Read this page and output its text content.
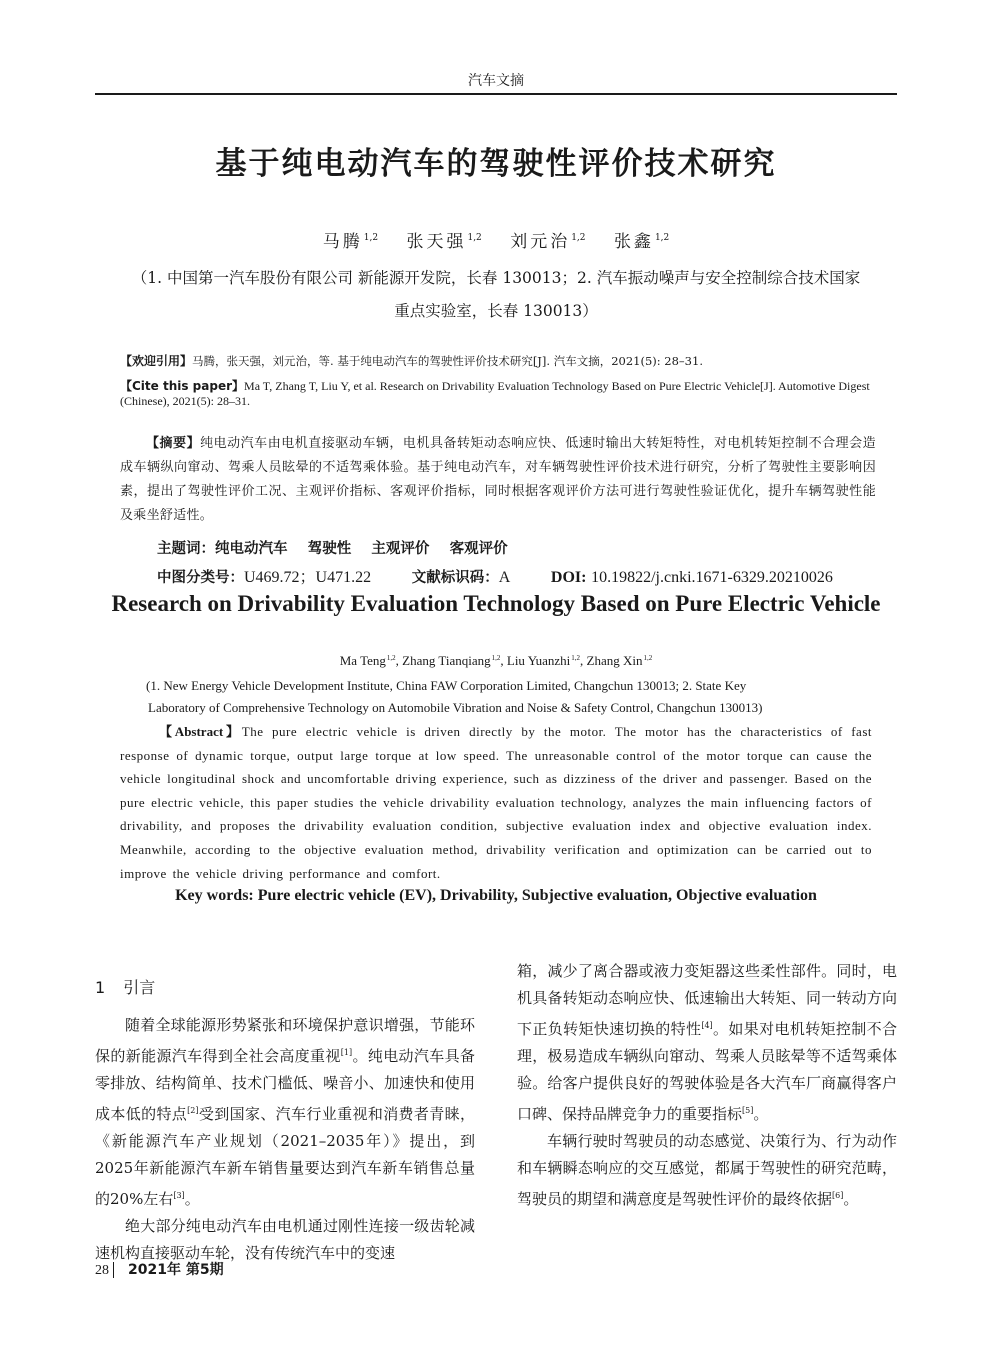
汽车文摘
基于纯电动汽车的驾驶性评价技术研究
马腾$^{1,2}$ 张天强$^{1,2}$ 刘元治$^{1,2}$ 张鑫$^{1,2}$

（1. 中国第一汽车股份有限公司 新能源开发院，长春 130013；2. 汽车振动噪声与安全控制综合技术国家

重点实验室，长春 130013）

【欢迎引用】马腾，张天强，刘元治，等. 基于纯电动汽车的驾驶性评价技术研究[J]. 汽车文摘，2021(5): 28–31.
【Cite this paper】Ma T, Zhang T, Liu Y, et al. Research on Drivability Evaluation Technology Based on Pure Electric Vehicle[J]. Automotive Digest (Chinese), 2021(5): 28–31.
【摘要】纯电动汽车由电机直接驱动车辆，电机具备转矩动态响应快、低速时输出大转矩特性，对电机转矩控制不合理会造成车辆纵向窜动、驾乘人员眩晕的不适驾乘体验。基于纯电动汽车，对车辆驾驶性评价技术进行研究，分析了驾驶性主要影响因素，提出了驾驶性评价工况、主观评价指标、客观评价指标，同时根据客观评价方法可进行驾驶性验证优化，提升车辆驾驶性能及乘坐舒适性。
主题词：纯电动汽车    驾驶性    主观评价    客观评价
中图分类号：U469.72；U471.22	文献标识码：A	DOI: 10.19822/j.cnki.1671-6329.20210026
Research on Drivability Evaluation Technology Based on Pure Electric Vehicle
Ma Teng$^{1,2}$, Zhang Tianqiang$^{1,2}$, Liu Yuanzhi$^{1,2}$, Zhang Xin$^{1,2}$

(1. New Energy Vehicle Development Institute, China FAW Corporation Limited, Changchun 130013; 2. State Key

Laboratory of Comprehensive Technology on Automobile Vibration and Noise & Safety Control, Changchun 130013)

【Abstract】The pure electric vehicle is driven directly by the motor. The motor has the characteristics of fast response of dynamic torque, output large torque at low speed. The unreasonable control of the motor torque can cause the vehicle longitudinal shock and uncomfortable driving experience, such as dizziness of the driver and passenger. Based on the pure electric vehicle, this paper studies the vehicle drivability evaluation technology, analyzes the main influencing factors of drivability, and proposes the drivability evaluation condition, subjective evaluation index and objective evaluation index. Meanwhile, according to the objective evaluation method, drivability verification and optimization can be carried out to improve the vehicle driving performance and comfort.
Key words: Pure electric vehicle (EV), Drivability, Subjective evaluation, Objective evaluation
1 引言

随着全球能源形势紧张和环境保护意识增强，节能环保的新能源汽车得到全社会高度重视[1]。纯电动汽车具备零排放、结构简单、技术门槛低、噪音小、加速快和使用成本低的特点[2]受到国家、汽车行业重视和消费者青睐，《新能源汽车产业规划（2021–2035年）》提出，到2025年新能源汽车新车销售量要达到汽车新车销售总量的20%左右[3]。

绝大部分纯电动汽车由电机通过刚性连接一级齿轮减速机构直接驱动车轮，没有传统汽车中的变速

箱，减少了离合器或液力变矩器这些柔性部件。同时，电机具备转矩动态响应快、低速输出大转矩、同一转动方向下正负转矩快速切换的特性[4]。如果对电机转矩控制不合理，极易造成车辆纵向窜动、驾乘人员眩晕等不适驾乘体验。给客户提供良好的驾驶体验是各大汽车厂商赢得客户口碑、保持品牌竞争力的重要指标[5]。

车辆行驶时驾驶员的动态感觉、决策行为、行为动作和车辆瞬态响应的交互感觉，都属于驾驶性的研究范畴，驾驶员的期望和满意度是驾驶性评价的最终依据[6]。

28 2021年 第5期
